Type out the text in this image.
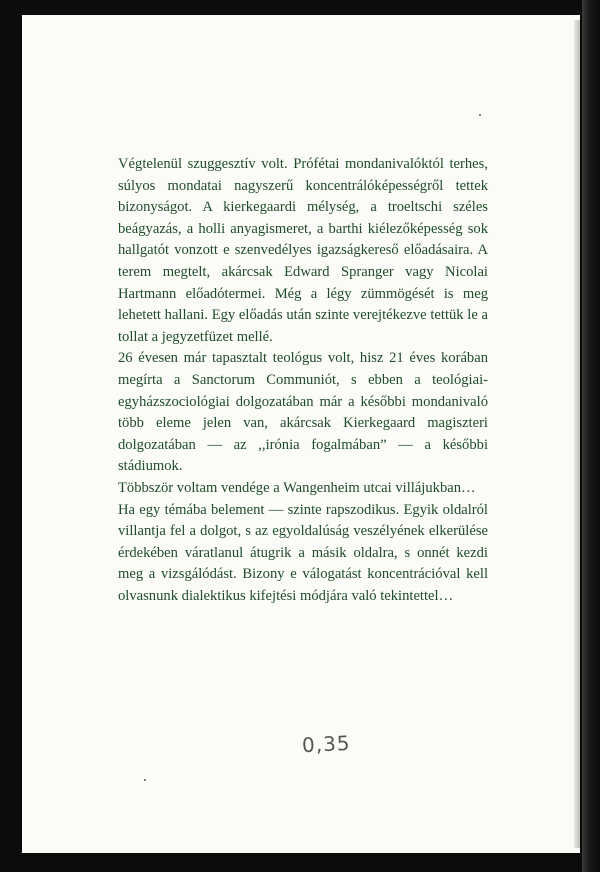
Végtelenül szuggesztív volt. Prófétai mondanivalóktól terhes, súlyos mondatai nagyszerű koncentrálóképességről tettek bizonyságot. A kierkegaardi mélység, a troeltschi széles beágyazás, a holli anyagismeret, a barthi kiélezőképesség sok hallgatót vonzott e szenvedélyes igazságkereső előadásaira. A terem megtelt, akárcsak Edward Spranger vagy Nicolai Hartmann előadótermei. Még a légy zümmögését is meg lehetett hallani. Egy előadás után szinte verejtékezve tettük le a tollat a jegyzetfüzet mellé.

26 évesen már tapasztalt teológus volt, hisz 21 éves korában megírta a Sanctorum Communiót, s ebben a teológiai-egyházszociológiai dolgozatában már a későbbi mondanivaló több eleme jelen van, akárcsak Kierkegaard magiszteri dolgozatában — az ,,irónia fogalmában” — a későbbi stádiumok.

Többször voltam vendége a Wangenheim utcai villájukban…

Ha egy témába belement — szinte rapszodikus. Egyik oldalról villantja fel a dolgot, s az egyoldalúság veszélyének elkerülése érdekében váratlanul átugrik a másik oldalra, s onnét kezdi meg a vizsgálódást. Bizony e válogatást koncentrációval kell olvasnunk dialektikus kifejtési módjára való tekintettel…

0,35
